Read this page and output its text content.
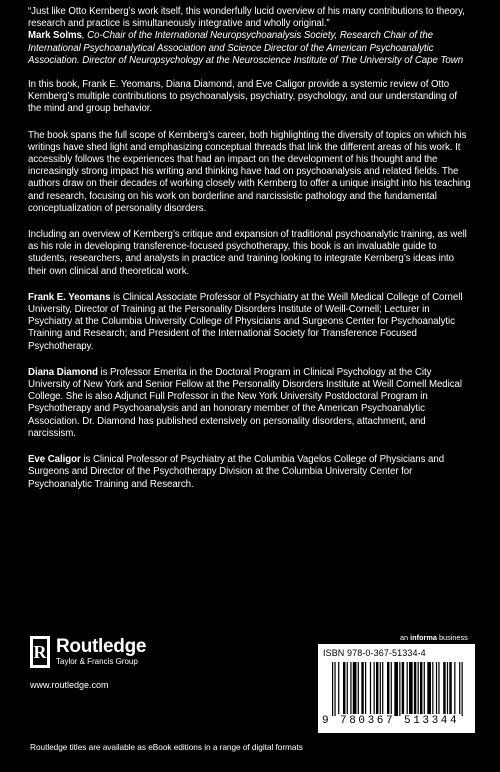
“Just like Otto Kernberg’s work itself, this wonderfully lucid overview of his many contributions to theory, research and practice is simultaneously integrative and wholly original.”

Mark Solms, Co-Chair of the International Neuropsychoanalysis Society, Research Chair of the International Psychoanalytical Association and Science Director of the American Psychoanalytic Association. Director of Neuropsychology at the Neuroscience Institute of The University of Cape Town

In this book, Frank E. Yeomans, Diana Diamond, and Eve Caligor provide a systemic review of Otto Kernberg’s multiple contributions to psychoanalysis, psychiatry, psychology, and our understanding of the mind and group behavior.

The book spans the full scope of Kernberg’s career, both highlighting the diversity of topics on which his writings have shed light and emphasizing conceptual threads that link the different areas of his work. It accessibly follows the experiences that had an impact on the development of his thought and the increasingly strong impact his writing and thinking have had on psychoanalysis and related fields. The authors draw on their decades of working closely with Kernberg to offer a unique insight into his teaching and research, focusing on his work on borderline and narcissistic pathology and the fundamental conceptualization of personality disorders.

Including an overview of Kernberg’s critique and expansion of traditional psychoanalytic training, as well as his role in developing transference-focused psychotherapy, this book is an invaluable guide to students, researchers, and analysts in practice and training looking to integrate Kernberg’s ideas into their own clinical and theoretical work.

Frank E. Yeomans is Clinical Associate Professor of Psychiatry at the Weill Medical College of Cornell University, Director of Training at the Personality Disorders Institute of Weill-Cornell; Lecturer in Psychiatry at the Columbia University College of Physicians and Surgeons Center for Psychoanalytic Training and Research; and President of the International Society for Transference Focused Psychotherapy.

Diana Diamond is Professor Emerita in the Doctoral Program in Clinical Psychology at the City University of New York and Senior Fellow at the Personality Disorders Institute at Weill Cornell Medical College. She is also Adjunct Full Professor in the New York University Postdoctoral Program in Psychotherapy and Psychoanalysis and an honorary member of the American Psychoanalytic Association. Dr. Diamond has published extensively on personality disorders, attachment, and narcissism.

Eve Caligor is Clinical Professor of Psychiatry at the Columbia Vagelos College of Physicians and Surgeons and Director of the Psychotherapy Division at the Columbia University Center for Psychoanalytic Training and Research.

R Routledge
Taylor & Francis Group
www.routledge.com
Routledge titles are available as eBook editions in a range of digital formats
an informa business
ISBN 978-0-367-51334-4
9 780367 513344
